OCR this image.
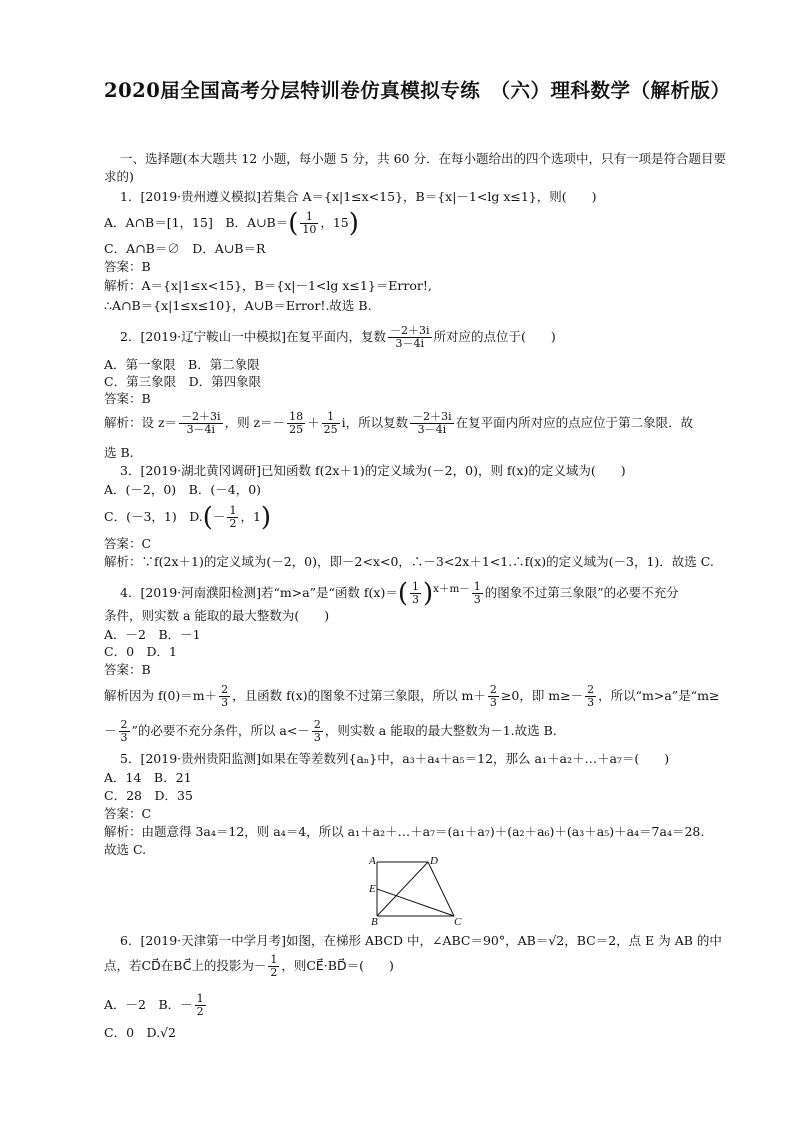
2020届全国高考分层特训卷仿真模拟专练　（六）理科数学（解析版）
一、选择题(本大题共 12 小题，每小题 5 分，共 60 分．在每小题给出的四个选项中，只有一项是符合题目要求的)
1．[2019·贵州遵义模拟]若集合 A＝{x|1≤x<15}，B＝{x|－1<lg x≤1}，则(　　)
A．A∩B＝[1，15]　B．A∪B＝( $\frac{1}{10}$ ，15)
C．A∩B＝∅　D．A∪B＝R
答案：B
解析：A＝{x|1≤x<15}，B＝{x|－1<lg x≤1}＝Error!,
∴A∩B＝{x|1≤x≤10}，A∪B＝Error!.故选 B.
2．[2019·辽宁鞍山一中模拟]在复平面内，复数 $\frac{-2+3i}{3-4i}$ 所对应的点位于(　　)
A．第一象限　B．第二象限
C．第三象限　D．第四象限
答案：B
解析：设 $z= \frac{-2+3i}{3-4i}$ ，则 $z=- \frac{18}{25} + \frac{1}{25}$ i，所以复数 $\frac{-2+3i}{3-4i}$ 在复平面内所对应的点应位于第二象限．故
选 B.
3．[2019·湖北黄冈调研]已知函数 f(2x＋1)的定义域为(－2，0)，则 f(x)的定义域为(　　)
A．(－2，0)　B．(－4，0)
C．(－3，1)　$D.(- \frac{1}{2}$ ，1)
答案：C
解析：∵f(2x＋1)的定义域为(－2，0)，即－2<x<0，∴－3<2x＋1<1.∴f(x)的定义域为(－3，1)．故选 C.
4．[2019·河南濮阳检测]若“m>a”是“函数 $f(x)=( \frac{1}{3} )^{x+m-} \frac{1}{3}$ 的图象不过第三象限”的必要不充分
条件，则实数 a 能取的最大整数为(　　)
A．－2　B．－1
C．0　D．1
答案：B
解析因为 $f(0)=m+ \frac{2}{3}$ ，且函数 f(x)的图象不过第三象限，所以 $m+ \frac{2}{3} \ge 0$，即 $m\ge- \frac{2}{3}$ ，所以“m>a”是“m≥
－ $\frac{2}{3}$ ”的必要不充分条件，所以 $a<- \frac{2}{3}$ ，则实数 a 能取的最大整数为－1.故选 B.
5．[2019·贵州贵阳监测]如果在等差数列{aₙ}中，a₃＋a₄＋a₅＝12，那么 a₁＋a₂＋…＋a₇＝(　　)
A．14　B．21
C．28　D．35
答案：C
解析：由题意得 3a₄＝12，则 a₄＝4，所以 a₁＋a₂＋…＋a₇＝(a₁＋a₇)＋(a₂＋a₆)＋(a₃＋a₅)＋a₄＝7a₄＝28.
故选 C.
A	D
E
B	C
6．[2019·天津第一中学月考]如图，在梯形 ABCD 中，∠ABC＝90°，AB＝√2，BC＝2，点 E 为 AB 的中
点，若CD⃗在BC⃗上的投影为－ $\frac{1}{2}$ ，则CE⃗·BD⃗＝(　　)
A．－2　B．－ $\frac{1}{2}$
C．0　D.√2
